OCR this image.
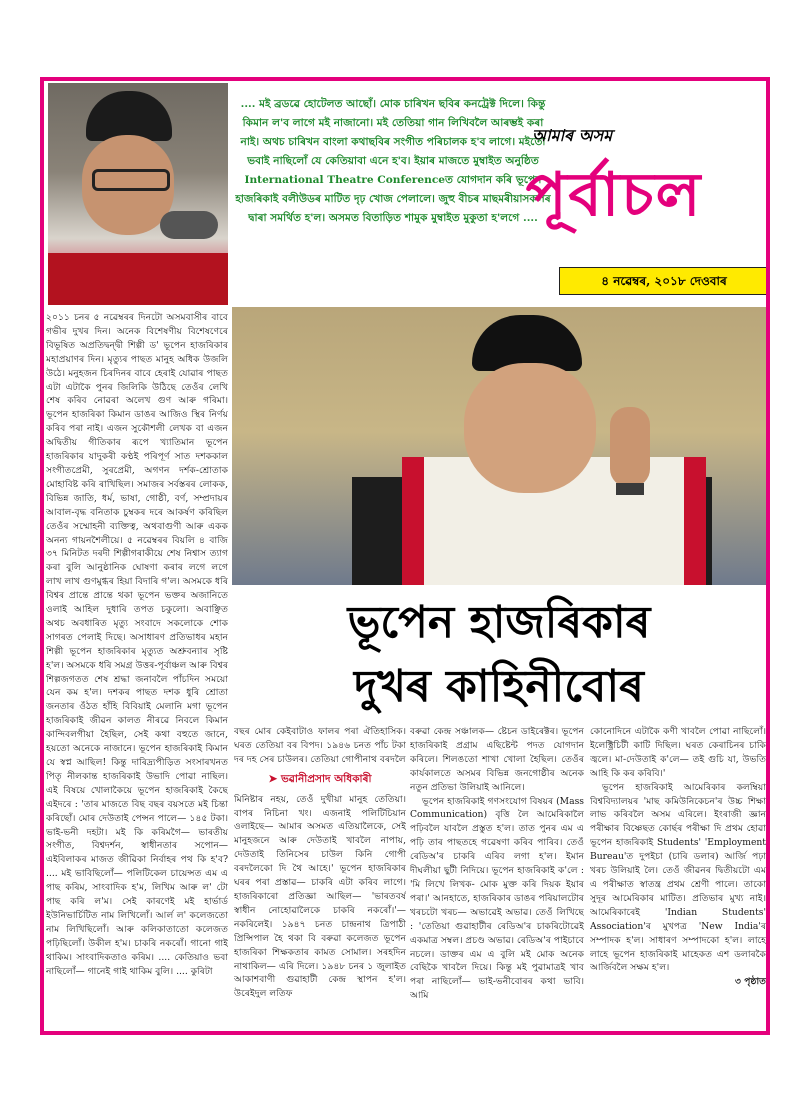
.... মই ব্ৰডৱে হোটেলত আছোঁ। মোক চাৰিখন ছবিৰ কনট্ৰেক্ট দিলে। কিন্তু কিমান ল'ব লাগে মই নাজানো। মই তেতিয়া গান লিখিবলৈ আৰম্ভই কৰা নাই। অথচ চাৰিখন বাংলা কথাছবিৰ সংগীত পৰিচালক হ'ব লাগে। মইতো ভবাই নাছিলোঁ যে কেতিয়াবা এনে হ'ব। ইয়াৰ মাজতে মুম্বাইত অনুষ্ঠিত International Theatre Conferenceত যোগদান কৰি ভূপেন হাজৰিকাই বলীউডৰ মাটিত দৃঢ় খোজ পেলালে। জুহু বীচৰ মাছমৰীয়াসকলৰ দ্বাৰা সমৰ্থিত হ'ল। অসমত বিতাড়িত শামুক মুম্বাইত মুকুতা হ'লগে ....
আমাৰ অসম
পূৰ্বাচল
৪ নৱেম্বৰ, ২০১৮ দেওবাৰ
ভূপেন হাজৰিকাৰ
দুখৰ কাহিনীবোৰ

২০১১ চনৰ ৫ নৱেম্বৰৰ দিনটো অসমবাসীৰ বাবে গভীৰ দুখৰ দিন। অনেক বিশেষণীয় বিশেষণেৰে বিভূষিত অপ্ৰতিদ্বন্দ্বী শিল্পী ড' ভূপেন হাজৰিকাৰ মহাপ্ৰয়াণৰ দিন। মৃত্যুৰ পাছত মানুহ অধিক উজলি উঠে। মনুহজন চিৰদিনৰ বাবে হেৰাই যোৱাৰ পাছত এটা এটাকৈ পুনৰ জিলিকি উঠিছে তেওঁৰ লেখি শেষ কৰিব নোৱৰা অলেখ গুণ আৰু গৰিমা। ভূপেন হাজৰিকা কিমান ডাঙৰ আজিও স্থিৰ নিৰ্ণয় কৰিব পৰা নাই। এজন সুকৌশলী লেখক বা এজন অদ্বিতীয় গীতিকাৰ ৰূপে খ্যাতিমান ভূপেন হাজৰিকাৰ যাদুকৰী কণ্ঠই পৰিপূৰ্ণ সাত দশককাল সংগীতপ্ৰেমী, সুৰপ্ৰেমী, অগণন দৰ্শক-শ্ৰোতাক মোহাবিষ্ট কৰি ৰাখিছিল। সমাজৰ সৰ্বস্তৰৰ লোকক, বিভিন্ন জাতি, ধৰ্ম, ভাষা, গোষ্ঠী, বৰ্ণ, সম্প্ৰদায়ৰ আবাল-বৃদ্ধ বনিতাক চুম্বকৰ দৰে আকৰ্ষণ কৰিছিল তেওঁৰ সম্মোহনী ব্যক্তিত্ব, অথবাগুণী আৰু একক অনন্য গায়নশৈলীয়ে। ৫ নৱেম্বৰৰ বিয়লি ৪ বাজি ৩৭ মিনিটত দৰদী শিল্পীগৰাকীয়ে শেষ নিশ্বাস ত্যাগ কৰা বুলি আনুষ্ঠানিক ঘোষণা কৰাৰ লগে লগে লাখ লাখ গুণমুগ্ধৰ হিয়া বিদাৰি গ'ল। অসমকে ধৰি বিশ্বৰ প্ৰান্তে প্ৰান্তে থকা ভূপেন ভক্তৰ অজানিতে ওলাই আহিল দুধাৰি তপত চকুলো। অবাঞ্ছিত অথচ অবধাৰিত মৃত্যু সংবাদে সকলোকে শোক সাগৰত পেলাই দিছে। অসাধাৰণ প্ৰতিভাধৰ মহান শিল্পী ভূপেন হাজৰিকাৰ মৃত্যুত অশ্ৰুবন্যাৰ সৃষ্টি হ'ল। অসমকে ধৰি সমগ্ৰ উত্তৰ-পূৰ্বাঞ্চল আৰু বিশ্বৰ শিল্পজগতত শেষ শ্ৰদ্ধা জনাবলৈ পাঁচদিন সময়ো যেন কম হ'ল। দশকৰ পাছত দশক ধুৰি শ্ৰোতা জনতাৰ ওঁঠত হাঁহি বিবিয়াই মেলানি মগা ভূপেন হাজৰিকাই জীৱন কালত নীৰৱে নিবলে কিমান কান্দিবলগীয়া হৈছিল, সেই কথা বহুতে জানে, হয়তো অনেকে নাজানে। ভূপেন হাজৰিকাই কিমান যে স্বপ্ন আছিল! কিন্তু দাৰিদ্ৰ্যপীড়িত সংসাৰখনত পিতৃ নীলকান্ত হাজৰিকাই উভাদি পোৱা নাছিল। এই বিষয়ে খোলাকৈয়ে ভূপেন হাজৰিকাই কৈছে এইদৰে : 'তাৰ মাজতে বিছ বছৰ বয়সতে মই চিন্তা কৰিছোঁ। মোৰ দেউতাই পেন্সন পালে— ১৪৫ টকা। ভাই-ভনী দহটা। মই কি কৰিমগৈ— ভাৰতীয় সংগীত, বিশ্বদৰ্শন, স্বাধীনতাৰ সপোন— এইবিলাকৰ মাজত জীৱিকা নিৰ্বাহৰ পথ কি হ'ব? .... মই ভাবিছিলোঁ— পলিটিকেল চায়েন্সত এম এ পাছ কৰিম, সাংবাদিক হ'ম, লিখিম আৰু ল' টো পাছ কৰি ল'ম। সেই কাৰণেই মই হাৰ্ভাৰ্ড ইউনিভাৰ্চিটিত নাম লিখিলোঁ। আৰ্ল ল' কলেজতো নাম লিখিছিলোঁ। আৰু কলিকাতাতো কলেজত পঢ়িছিলোঁ। উকীল হ'ম। চাকৰি নকৰোঁ। গানো গাই থাকিম। সাংবাদিকতাও কৰিম। .... কেতিয়াও ভবা নাছিলোঁ— গানেই গাই থাকিম বুলি। .... কুৰিটা

বছৰ মোৰ কেইবাটাও ফালৰ পৰা ঐতিহাসিক। ঘৰত তেতিয়া বৰ বিপদ। ১৯৪৬ চনত পাঁচ টকা দৰ দহ সেৰ চাউলৰ। তেতিয়া গোপীনাথ বৰদলৈ

➤ ভৱানীপ্ৰসাদ অধিকাৰী

মিনিষ্টাৰ নহয়, তেওঁ দুখীয়া মানুহ তেতিয়া। বাপৰ নিচিনা খং। এজনাই পলিটিচিয়ান ওলাইছে— আমাৰ অসমত এতিয়ালৈকে, সেই মানুহজনে আৰু দেউতাই খাবলৈ নাপায়, দেউতাই তিনিসেৰ চাউল কিনি গোপী বৰদলৈকো দি থৈ আহে।' ভূপেন হাজৰিকাৰ ঘৰৰ পৰা প্ৰস্তাৱ— চাকৰি এটা কৰিব লাগে। হাজৰিকাৰো প্ৰতিজ্ঞা আছিল— 'ভাৰতবৰ্ষ স্বাধীন নোহোৱালৈকে চাকৰি নকৰোঁ।'— নকৰিলেই। ১৯৪৭ চনত চান্দ্ৰনাথ ত্ৰিপাঠী প্ৰিন্সিপাল হৈ থকা বি বৰুৱা কলেজত ভূপেন হাজৰিকা শিক্ষকতাৰ কামত সোমাল। সৰহদিন নাথাকিল— এৰি দিলে। ১৯৪৮ চনৰ ১ জুলাইত আকাশবাণী গুৱাহাটী কেন্দ্ৰ স্থাপন হ'ল। উৰেইদুল লতিফ

বৰুৱা কেন্দ্ৰ সঞ্চালক— ষ্টেচন ডাইৰেক্টৰ। ভূপেন হাজৰিকাই প্ৰগ্ৰাম এছিষ্টেন্ট পদত যোগদান কৰিলে। শিলঙতো শাখা খোলা হৈছিল। তেওঁৰ কাৰ্যকালতে অসমৰ বিভিন্ন জনগোষ্ঠীৰ অনেক নতুন প্ৰতিভা উলিয়াই আনিলে।

ভূপেন হাজৰিকাই গণসংযোগ বিষয়ৰ (Mass Communication) বৃত্তি লৈ আমেৰিকালৈ পঢ়িবলৈ যাবলৈ প্ৰস্তুত হ'ল। তাত পুনৰ এম এ পঢ়ি তাৰ পাছতহে গৱেষণা কৰিব পাৰিব। তেওঁ ৰেডিঅ'ৰ চাকৰি এৰিব লগা হ'ল। ইমান দীঘলীয়া ছুটী নিদিয়ে। ভূপেন হাজৰিকাই ক'লে : 'মি লিখে লিখক- মোক মুক্ত কৰি দিয়ক ইয়াৰ পৰা।' আনহাতে, হাজৰিকাৰ ডাঙৰ পৰিয়ালটোৰ খৰচটো খৰচ— অভাৱেই অভাৱ। তেওঁ লিখিছে : 'তেতিয়া গুৱাহাটীৰ ৰেডিঅ'ৰ চাকৰিটোৱেই একমাত্ৰ সম্বল। প্ৰচণ্ড অভাৱ। ৰেডিঅ'ৰ পাইচাবে নচলে। ডাক্তৰ এম এ বুলি মই মোক অনেক বেছিকৈ খাবলৈ দিয়ে। কিন্তু মই পুৱামাত্ৰই খাব পৰা নাছিলোঁ— ভাই-ভনীবোৰৰ কথা ভাবি। আমি

কোনোদিনে এটাকৈ কণী খাবলৈ পোৱা নাছিলোঁ। ইলেক্ট্ৰিচিটী কাটি দিছিল। ঘৰত কেৰাচিনৰ চাকি জ্বলে। মা-দেউতাই ক'লে— তই গুচি যা, উভতি আহি কি কৰ কৰিবি।'

ভূপেন হাজৰিকাই আমেৰিকাৰ কলম্বিয়া বিশ্ববিদ্যালয়ৰ 'মাছ কমিউনিকেচন'ৰ উচ্চ শিক্ষা লাভ কৰিবলৈ অসম এৰিলে। ইংৰাজী জ্ঞান পৰীক্ষাৰ বিষ্ণেছত কোৰ্ছৰ পৰীক্ষা দি প্ৰথম হোৱা ভূপেন হাজৰিকাই Students' 'Employment Bureau'ত দুপইচা (চাৰি ডলাৰ) আৰ্জি পঢ়া খৰচ উলিয়াই লৈ। তেওঁ জীৱনৰ দ্বিতীয়টো এম এ পৰীক্ষাত স্বাতন্ত্ৰ প্ৰথম শ্ৰেণী পালে। তাকো সুদূৰ আমেৰিকাৰ মাটিত। প্ৰতিভাৰ মুখ্য নাই। আমেৰিকাৰেই 'Indian Students' Association'ৰ মুখপত্ৰ 'New India'ৰ সম্পাদক হ'ল। সাধাৰণ সম্পাদকো হ'ল। লাহে লাহে ভূপেন হাজৰিকাই মাহেকত এশ ডলাৰকৈ আৰ্জিবলৈ সক্ষম হ'ল।

৩ পৃষ্ঠাত
